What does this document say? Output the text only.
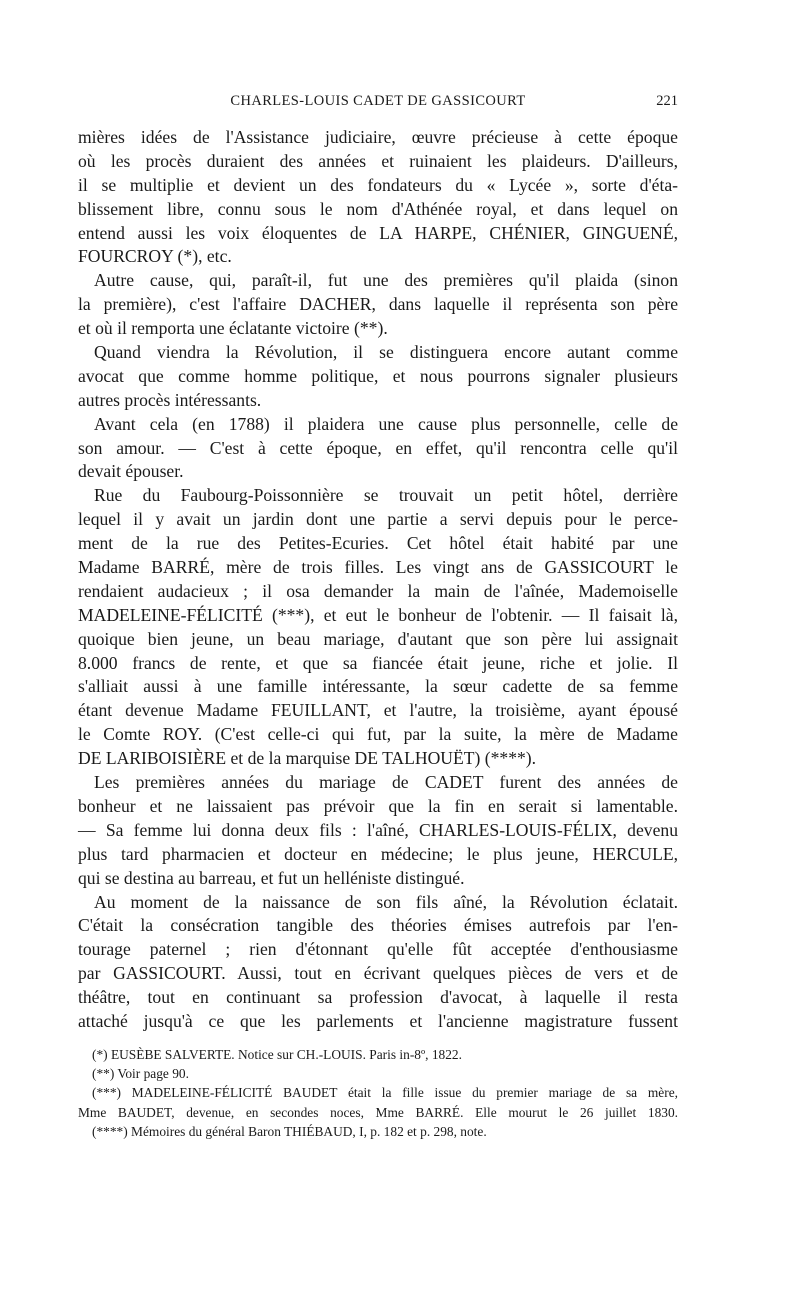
CHARLES-LOUIS CADET DE GASSICOURT	221
mières idées de l'Assistance judiciaire, œuvre précieuse à cette époque
où les procès duraient des années et ruinaient les plaideurs. D'ailleurs,
il se multiplie et devient un des fondateurs du « Lycée », sorte d'éta-
blissement libre, connu sous le nom d'Athénée royal, et dans lequel on
entend aussi les voix éloquentes de LA HARPE, CHÉNIER, GINGUENÉ,
FOURCROY (*), etc.
Autre cause, qui, paraît-il, fut une des premières qu'il plaida (sinon
la première), c'est l'affaire DACHER, dans laquelle il représenta son père
et où il remporta une éclatante victoire (**).
Quand viendra la Révolution, il se distinguera encore autant comme
avocat que comme homme politique, et nous pourrons signaler plusieurs
autres procès intéressants.
Avant cela (en 1788) il plaidera une cause plus personnelle, celle de
son amour. — C'est à cette époque, en effet, qu'il rencontra celle qu'il
devait épouser.
Rue du Faubourg-Poissonnière se trouvait un petit hôtel, derrière
lequel il y avait un jardin dont une partie a servi depuis pour le perce-
ment de la rue des Petites-Ecuries. Cet hôtel était habité par une
Madame BARRÉ, mère de trois filles. Les vingt ans de GASSICOURT le
rendaient audacieux ; il osa demander la main de l'aînée, Mademoiselle
MADELEINE-FÉLICITÉ (***), et eut le bonheur de l'obtenir. — Il faisait là,
quoique bien jeune, un beau mariage, d'autant que son père lui assignait
8.000 francs de rente, et que sa fiancée était jeune, riche et jolie. Il
s'alliait aussi à une famille intéressante, la sœur cadette de sa femme
étant devenue Madame FEUILLANT, et l'autre, la troisième, ayant épousé
le Comte ROY. (C'est celle-ci qui fut, par la suite, la mère de Madame
DE LARIBOISIÈRE et de la marquise DE TALHOUËT) (****).
Les premières années du mariage de CADET furent des années de
bonheur et ne laissaient pas prévoir que la fin en serait si lamentable.
— Sa femme lui donna deux fils : l'aîné, CHARLES-LOUIS-FÉLIX, devenu
plus tard pharmacien et docteur en médecine; le plus jeune, HERCULE,
qui se destina au barreau, et fut un helléniste distingué.
Au moment de la naissance de son fils aîné, la Révolution éclatait.
C'était la consécration tangible des théories émises autrefois par l'en-
tourage paternel ; rien d'étonnant qu'elle fût acceptée d'enthousiasme
par GASSICOURT. Aussi, tout en écrivant quelques pièces de vers et de
théâtre, tout en continuant sa profession d'avocat, à laquelle il resta
attaché jusqu'à ce que les parlements et l'ancienne magistrature fussent
(*) EUSÈBE SALVERTE. Notice sur CH.-LOUIS. Paris in-8º, 1822.
(**) Voir page 90.
(***) MADELEINE-FÉLICITÉ BAUDET était la fille issue du premier mariage de sa mère,
Mme BAUDET, devenue, en secondes noces, Mme BARRÉ. Elle mourut le 26 juillet 1830.
(****) Mémoires du général Baron THIÉBAUD, I, p. 182 et p. 298, note.
